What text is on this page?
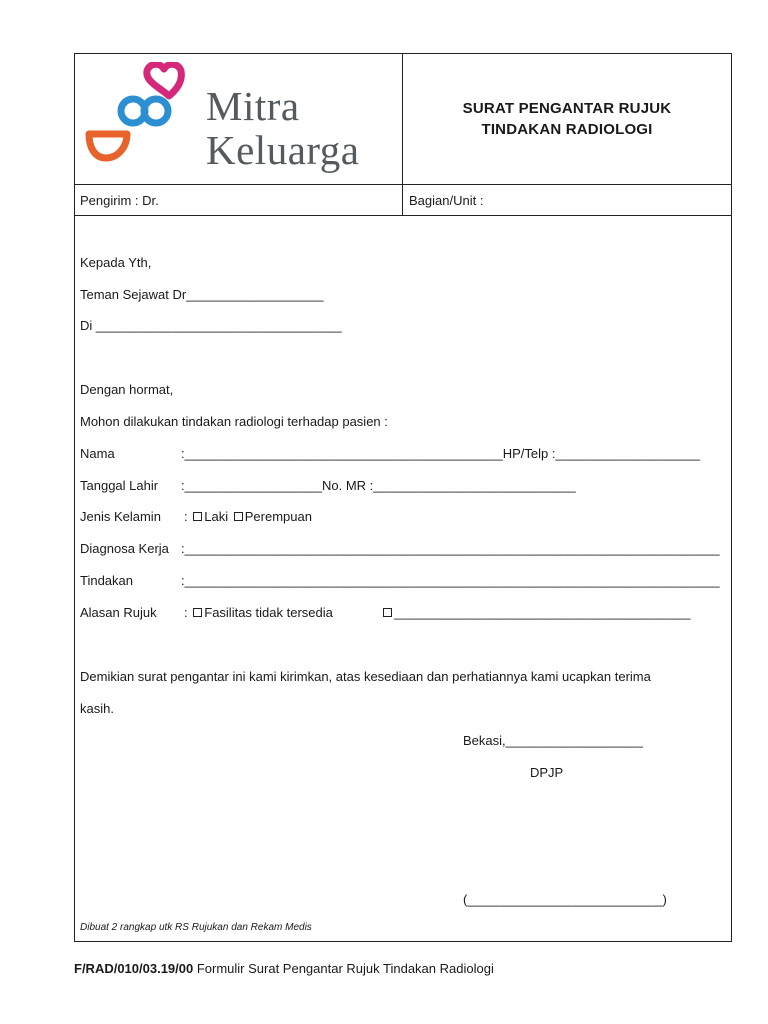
Mitra
Keluarga
SURAT PENGANTAR RUJUK
TINDAKAN RADIOLOGI
Pengirim : Dr.	Bagian/Unit :
Kepada Yth,
Teman Sejawat Dr___________________
Di __________________________________
Dengan hormat,
Mohon dilakukan tindakan radiologi terhadap pasien :
Nama	:____________________________________________HP/Telp :____________________
Tanggal Lahir :___________________No. MR :____________________________
Jenis Kelamin : Laki Perempuan
Diagnosa Kerja :__________________________________________________________________________
Tindakan	:__________________________________________________________________________
Alasan Rujuk : Fasilitas tidak tersedia	_________________________________________
Demikian surat pengantar ini kami kirimkan, atas kesediaan dan perhatiannya kami ucapkan terima
kasih.
Bekasi,___________________
DPJP
(___________________________)
Dibuat 2 rangkap utk RS Rujukan dan Rekam Medis
F/RAD/010/03.19/00 Formulir Surat Pengantar Rujuk Tindakan Radiologi
